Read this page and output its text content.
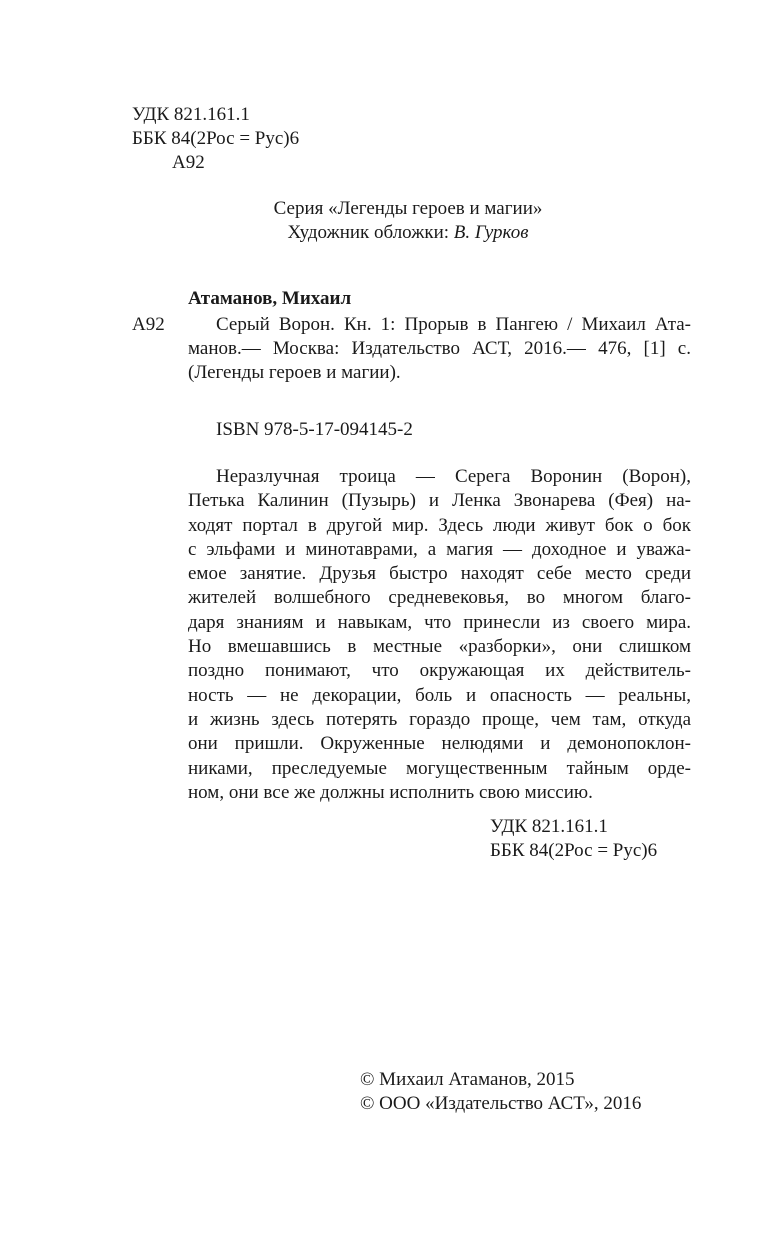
УДК 821.161.1
ББК 84(2Рос = Рус)6
А92
Серия «Легенды героев и магии»
Художник обложки: В. Гурков
Атаманов, Михаил
А92	Серый Ворон. Кн. 1: Прорыв в Пангею / Михаил Ата-
манов.— Москва: Издательство АСТ, 2016.— 476, [1] с.
(Легенды героев и магии).
ISBN 978-5-17-094145-2
Неразлучная троица — Серега Воронин (Ворон),
Петька Калинин (Пузырь) и Ленка Звонарева (Фея) на-
ходят портал в другой мир. Здесь люди живут бок о бок
с эльфами и минотаврами, а магия — доходное и уважа-
емое занятие. Друзья быстро находят себе место среди
жителей волшебного средневековья, во многом благо-
даря знаниям и навыкам, что принесли из своего мира.
Но вмешавшись в местные «разборки», они слишком
поздно понимают, что окружающая их действитель-
ность — не декорации, боль и опасность — реальны,
и жизнь здесь потерять гораздо проще, чем там, откуда
они пришли. Окруженные нелюдями и демонопоклон-
никами, преследуемые могущественным тайным орде-
ном, они все же должны исполнить свою миссию.
УДК 821.161.1
ББК 84(2Рос = Рус)6
© Михаил Атаманов, 2015
© ООО «Издательство АСТ», 2016
